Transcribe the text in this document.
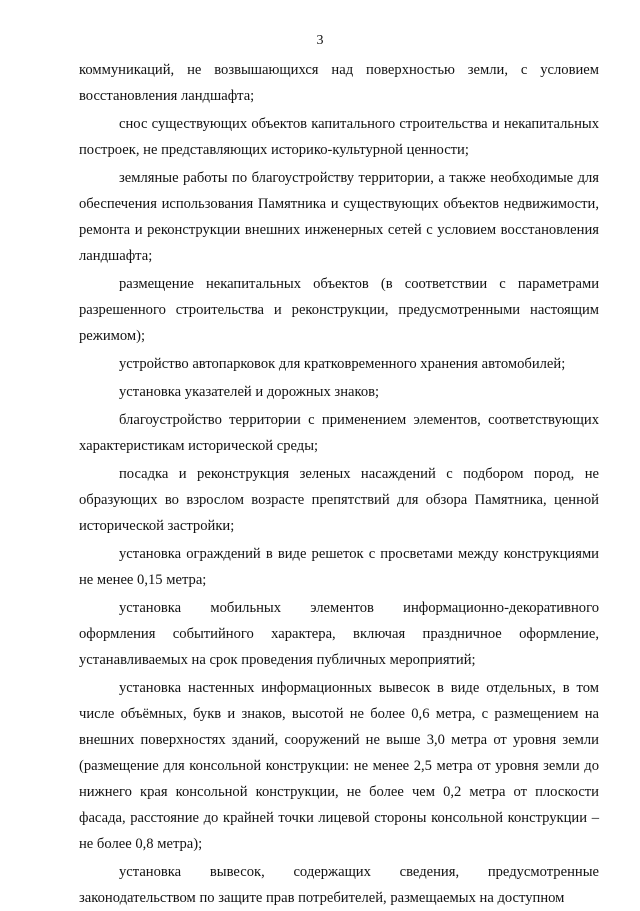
3

коммуникаций, не возвышающихся над поверхностью земли, с условием восстановления ландшафта;

снос существующих объектов капитального строительства и некапитальных построек, не представляющих историко-культурной ценности;

земляные работы по благоустройству территории, а также необходимые для обеспечения использования Памятника и существующих объектов недвижимости, ремонта и реконструкции внешних инженерных сетей с условием восстановления ландшафта;

размещение некапитальных объектов (в соответствии с параметрами разрешенного строительства и реконструкции, предусмотренными настоящим режимом);

устройство автопарковок для кратковременного хранения автомобилей;

установка указателей и дорожных знаков;

благоустройство территории с применением элементов, соответствующих характеристикам исторической среды;

посадка и реконструкция зеленых насаждений с подбором пород, не образующих во взрослом возрасте препятствий для обзора Памятника, ценной исторической застройки;

установка ограждений в виде решеток с просветами между конструкциями не менее 0,15 метра;

установка мобильных элементов информационно-декоративного оформления событийного характера, включая праздничное оформление, устанавливаемых на срок проведения публичных мероприятий;

установка настенных информационных вывесок в виде отдельных, в том числе объёмных, букв и знаков, высотой не более 0,6 метра, с размещением на внешних поверхностях зданий, сооружений не выше 3,0 метра от уровня земли (размещение для консольной конструкции: не менее 2,5 метра от уровня земли до нижнего края консольной конструкции, не более чем 0,2 метра от плоскости фасада, расстояние до крайней точки лицевой стороны консольной конструкции – не более 0,8 метра);

установка вывесок, содержащих сведения, предусмотренные законодательством по защите прав потребителей, размещаемых на доступном
